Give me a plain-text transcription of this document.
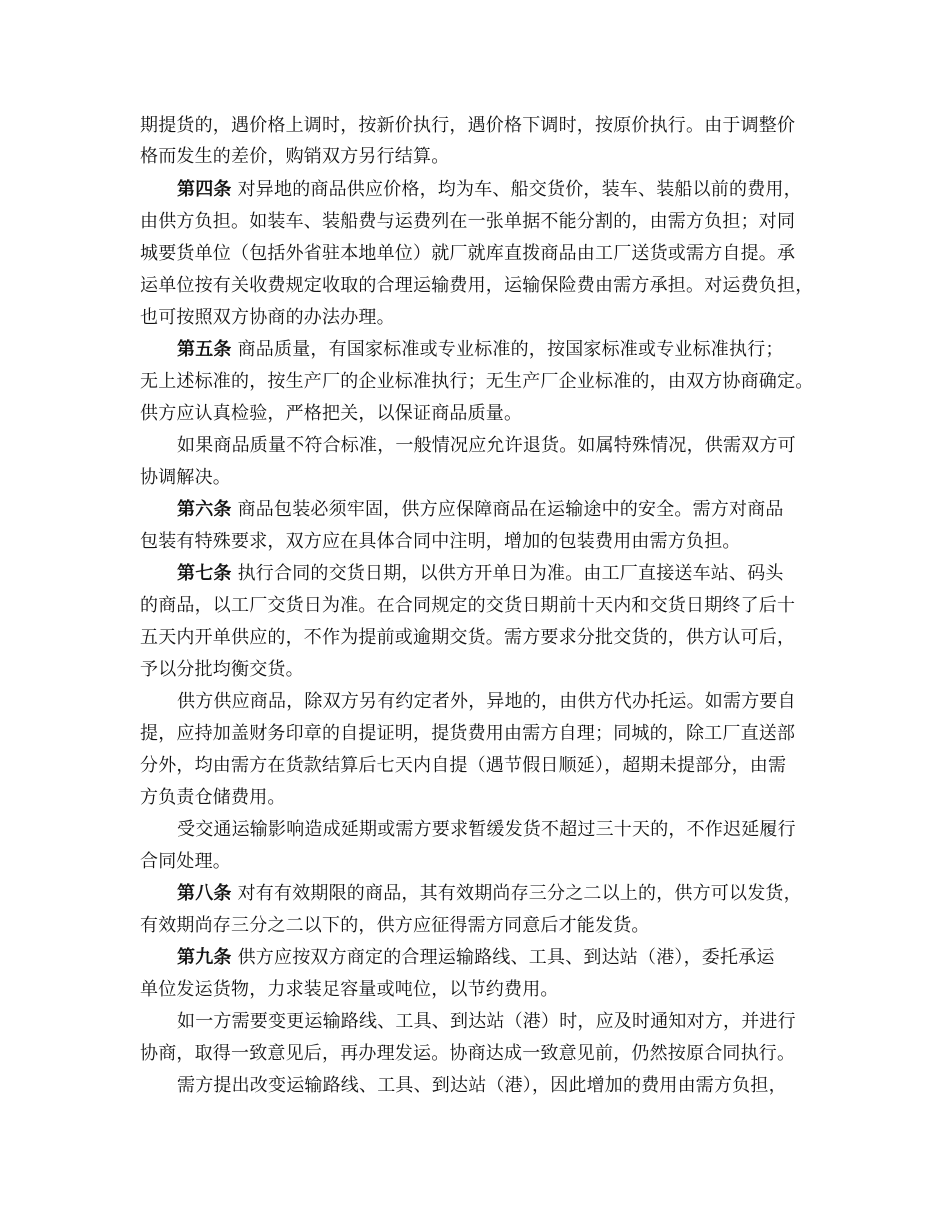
期提货的，遇价格上调时，按新价执行，遇价格下调时，按原价执行。由于调整价
格而发生的差价，购销双方另行结算。
第四条 对异地的商品供应价格，均为车、船交货价，装车、装船以前的费用，
由供方负担。如装车、装船费与运费列在一张单据不能分割的，由需方负担；对同
城要货单位（包括外省驻本地单位）就厂就库直拨商品由工厂送货或需方自提。承
运单位按有关收费规定收取的合理运输费用，运输保险费由需方承担。对运费负担，
也可按照双方协商的办法办理。
第五条 商品质量，有国家标准或专业标准的，按国家标准或专业标准执行；
无上述标准的，按生产厂的企业标准执行；无生产厂企业标准的，由双方协商确定。
供方应认真检验，严格把关，以保证商品质量。
如果商品质量不符合标准，一般情况应允许退货。如属特殊情况，供需双方可
协调解决。
第六条 商品包装必须牢固，供方应保障商品在运输途中的安全。需方对商品
包装有特殊要求，双方应在具体合同中注明，增加的包装费用由需方负担。
第七条 执行合同的交货日期，以供方开单日为准。由工厂直接送车站、码头
的商品，以工厂交货日为准。在合同规定的交货日期前十天内和交货日期终了后十
五天内开单供应的，不作为提前或逾期交货。需方要求分批交货的，供方认可后，
予以分批均衡交货。
供方供应商品，除双方另有约定者外，异地的，由供方代办托运。如需方要自
提，应持加盖财务印章的自提证明，提货费用由需方自理；同城的，除工厂直送部
分外，均由需方在货款结算后七天内自提（遇节假日顺延），超期未提部分，由需
方负责仓储费用。
受交通运输影响造成延期或需方要求暂缓发货不超过三十天的，不作迟延履行
合同处理。
第八条 对有有效期限的商品，其有效期尚存三分之二以上的，供方可以发货，
有效期尚存三分之二以下的，供方应征得需方同意后才能发货。
第九条 供方应按双方商定的合理运输路线、工具、到达站（港），委托承运
单位发运货物，力求装足容量或吨位，以节约费用。
如一方需要变更运输路线、工具、到达站（港）时，应及时通知对方，并进行
协商，取得一致意见后，再办理发运。协商达成一致意见前，仍然按原合同执行。
需方提出改变运输路线、工具、到达站（港），因此增加的费用由需方负担，
